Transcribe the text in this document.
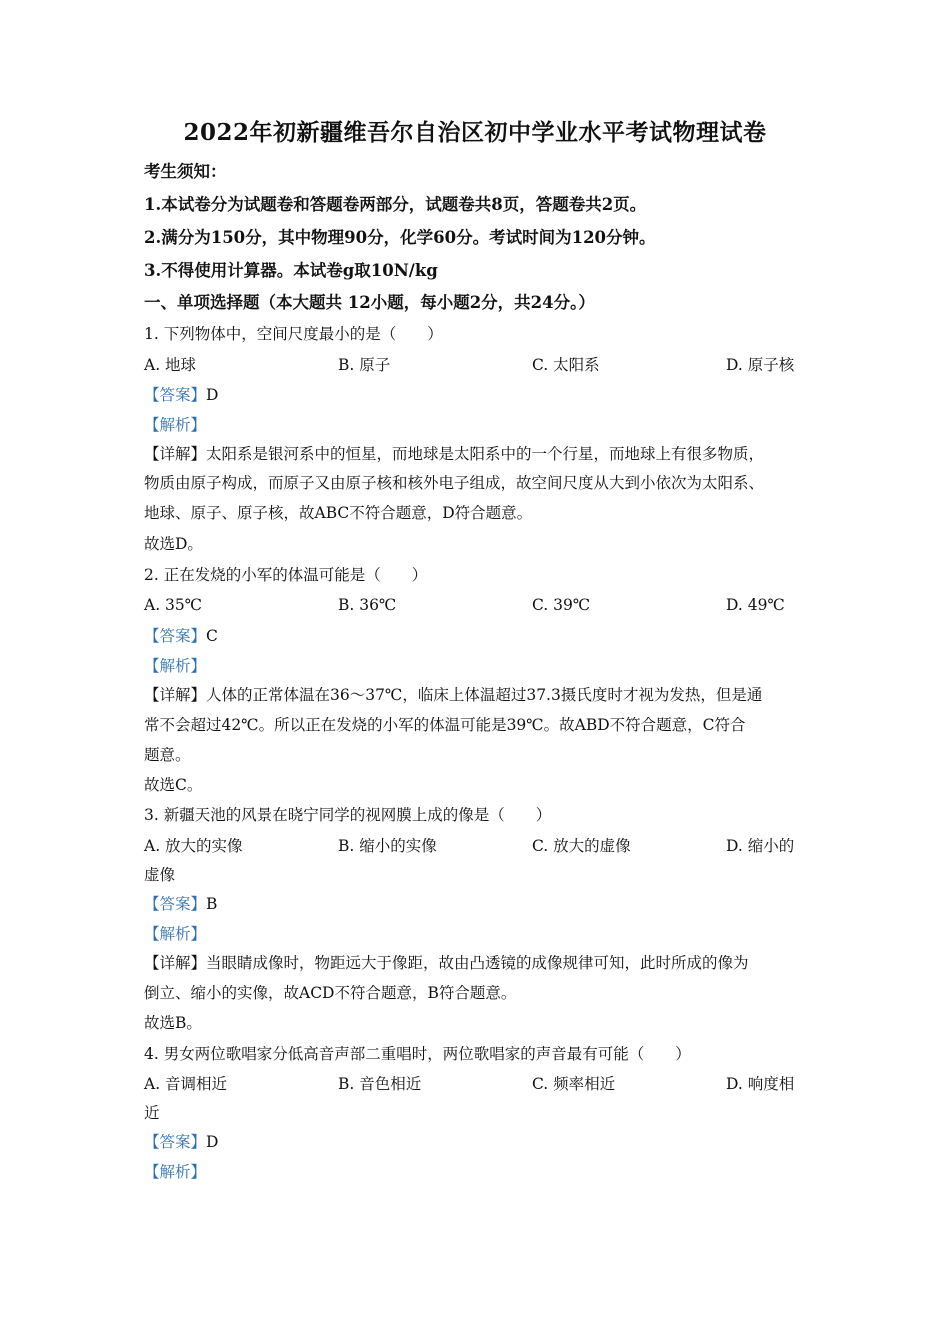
2022年初新疆维吾尔自治区初中学业水平考试物理试卷
考生须知：
1.本试卷分为试题卷和答题卷两部分，试题卷共8页，答题卷共2页。
2.满分为150分，其中物理90分，化学60分。考试时间为120分钟。
3.不得使用计算器。本试卷g取10N/kg
一、单项选择题（本大题共 12小题，每小题2分，共24分。）
1. 下列物体中，空间尺度最小的是（　　）
A. 地球	B. 原子	C. 太阳系	D. 原子核
【答案】D
【解析】
【详解】太阳系是银河系中的恒星，而地球是太阳系中的一个行星，而地球上有很多物质，
物质由原子构成，而原子又由原子核和核外电子组成，故空间尺度从大到小依次为太阳系、
地球、原子、原子核，故ABC不符合题意，D符合题意。
故选D。
2. 正在发烧的小军的体温可能是（　　）
A. 35℃	B. 36℃	C. 39℃	D. 49℃
【答案】C
【解析】
【详解】人体的正常体温在36～37℃，临床上体温超过37.3摄氏度时才视为发热，但是通
常不会超过42℃。所以正在发烧的小军的体温可能是39℃。故ABD不符合题意，C符合
题意。
故选C。
3. 新疆天池的风景在晓宁同学的视网膜上成的像是（　　）
A. 放大的实像	B. 缩小的实像	C. 放大的虚像	D. 缩小的
虚像
【答案】B
【解析】
【详解】当眼睛成像时，物距远大于像距，故由凸透镜的成像规律可知，此时所成的像为
倒立、缩小的实像，故ACD不符合题意，B符合题意。
故选B。
4. 男女两位歌唱家分低高音声部二重唱时，两位歌唱家的声音最有可能（　　）
A. 音调相近	B. 音色相近	C. 频率相近	D. 响度相
近
【答案】D
【解析】
